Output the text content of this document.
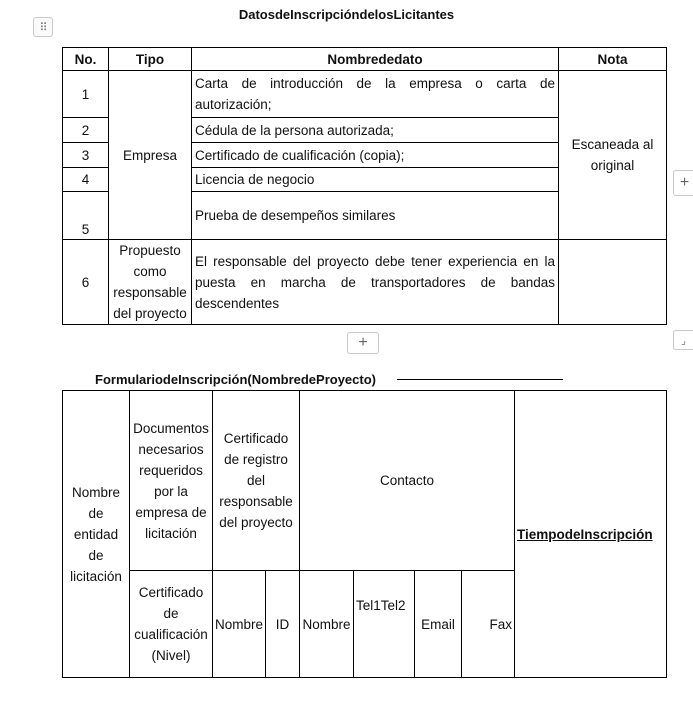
⠿
DatosdeInscripcióndelosLicitantes
No.	Tipo	Nombrededato	Nota
1	Empresa	Carta de introducción de la empresa o carta de autorización;	Escaneada al original
2		Cédula de la persona autorizada;	
3		Certificado de cualificación (copia);	
4		Licencia de negocio	
5		Prueba de desempeños similares	
6	Propuesto como responsable del proyecto	El responsable del proyecto debe tener experiencia en la puesta en marcha de transportadores de bandas descendentes	
+
+	⌟
FormulariodeInscripción(NombredeProyecto)
Nombre de entidad de licitación	Documentos necesarios requeridos por la empresa de licitación	Certificado de registro del responsable del proyecto		Contacto				TiempodeInscripción
	Certificado de cualificación (Nivel)	Nombre	ID	Nombre	Tel1Tel2	Email	Fax	
